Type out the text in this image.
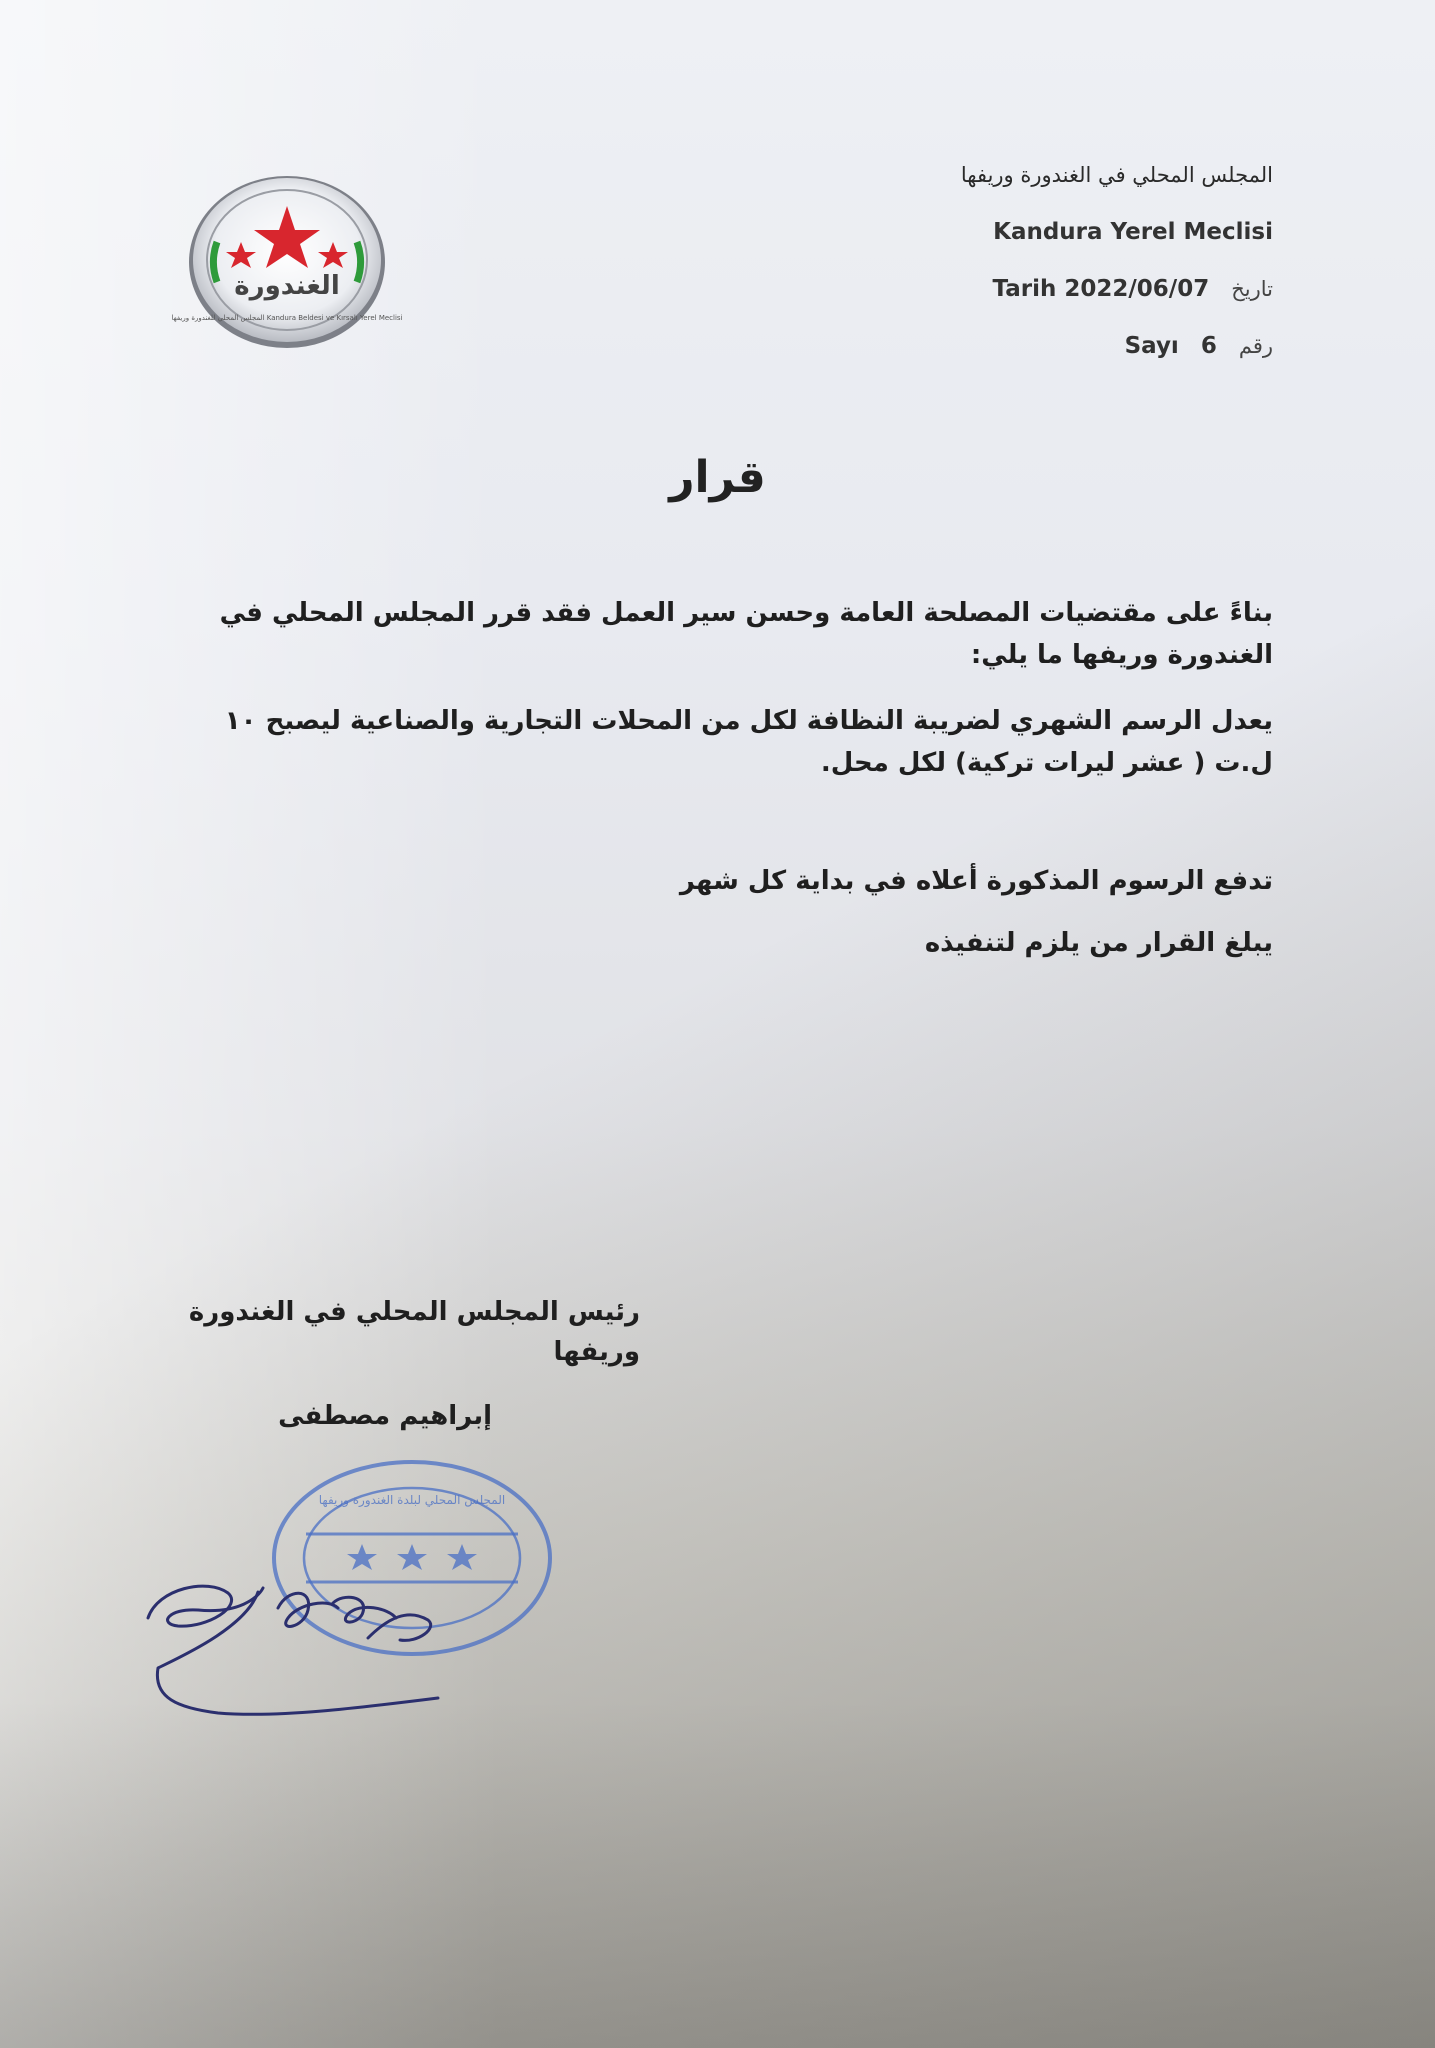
الغندورة
المجلس المحلي للغندورة وريفها Kandura Beldesi ve Kırsalı Yerel Meclisi
المجلس المحلي في الغندورة وريفها
Kandura Yerel Meclisi
Tarih 2022/06/07 تاريخ
Sayı 6 رقم
قرار
بناءً على مقتضيات المصلحة العامة وحسن سير العمل فقد قرر المجلس المحلي في الغندورة وريفها ما يلي:
يعدل الرسم الشهري لضريبة النظافة لكل من المحلات التجارية والصناعية ليصبح ١٠ ل.ت ( عشر ليرات تركية) لكل محل.
تدفع الرسوم المذكورة أعلاه في بداية كل شهر
يبلغ القرار من يلزم لتنفيذه
رئيس المجلس المحلي في الغندورة وريفها
إبراهيم مصطفى
المجلس المحلي لبلدة الغندورة وريفها
